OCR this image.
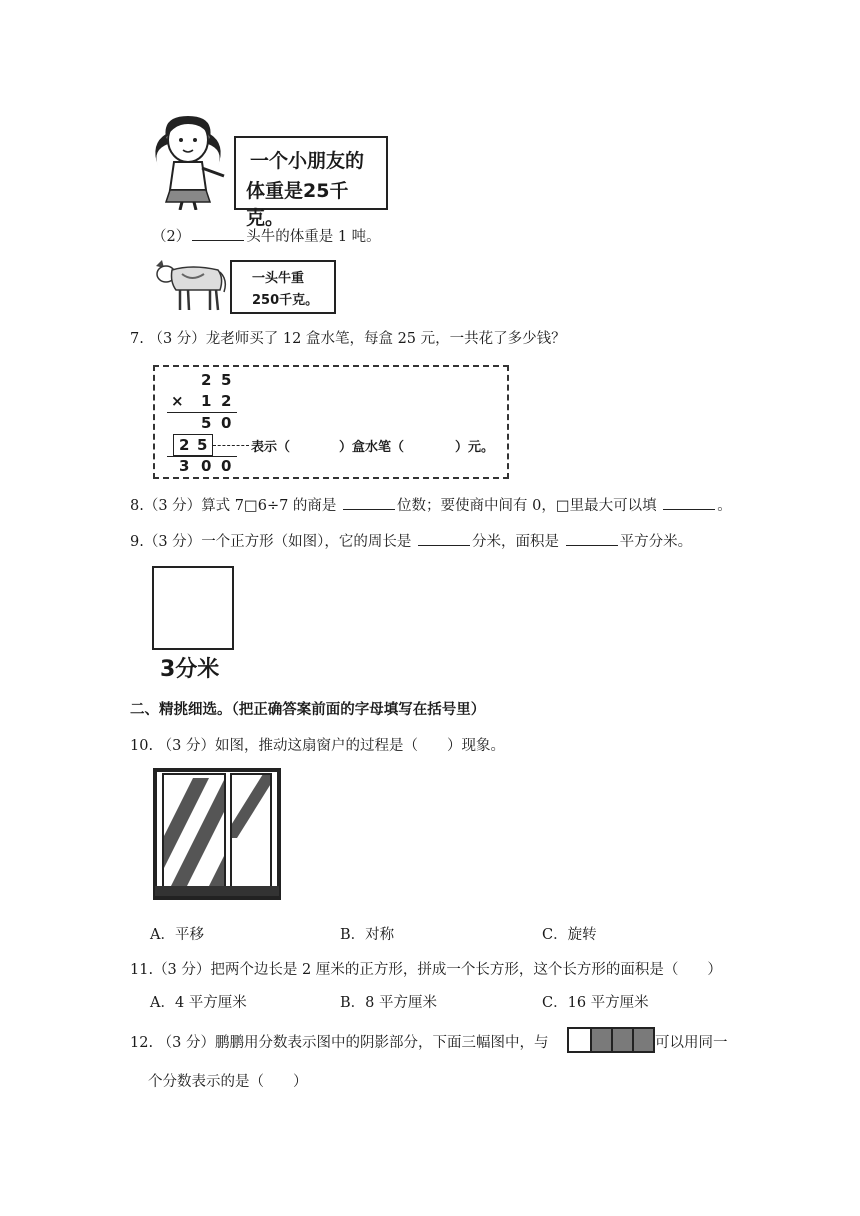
一个小朋友的
体重是25千克。
（2）	头牛的体重是 1 吨。
一头牛重
250千克。
7. （3 分）龙老师买了 12 盒水笔，每盒 25 元，一共花了多少钱？
2 5
× 1 2
5 0
2 5	表示（	）盒水笔（	）元。
3 0 0
8.（3 分）算式 7□6÷7 的商是	位数；要使商中间有 0，□里最大可以填	。
9.（3 分）一个正方形（如图），它的周长是	分米，面积是	平方分米。
3分米
二、精挑细选。（把正确答案前面的字母填写在括号里）
10. （3 分）如图，推动这扇窗户的过程是（　　）现象。
A．平移	B．对称	C．旋转
11.（3 分）把两个边长是 2 厘米的正方形，拼成一个长方形，这个长方形的面积是（　　）
A．4 平方厘米	B．8 平方厘米	C．16 平方厘米
12. （3 分）鹏鹏用分数表示图中的阴影部分，下面三幅图中，与	可以用同一
个分数表示的是（　　）
